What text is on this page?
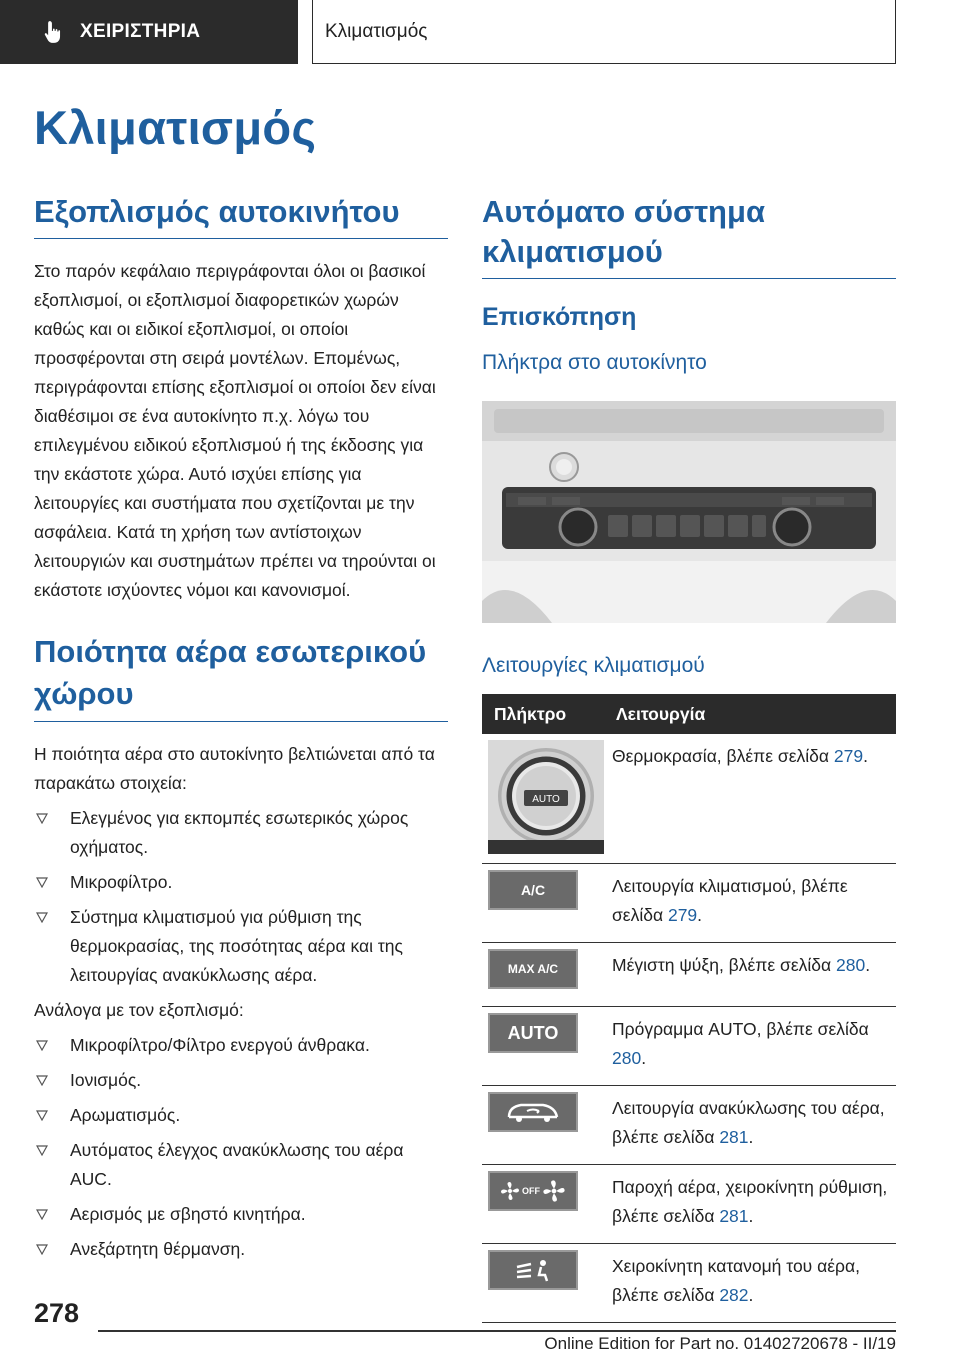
ΧΕΙΡΙΣΤΗΡΙΑ	Κλιματισμός
Κλιματισμός
Εξοπλισμός αυτοκινήτου

Στο παρόν κεφάλαιο περιγράφονται όλοι οι βασικοί εξοπλισμοί, οι εξοπλισμοί διαφορετικών χωρών καθώς και οι ειδικοί εξοπλισμοί, οι οποίοι προσφέρονται στη σειρά μοντέλων. Επομένως, περιγράφονται επίσης εξοπλισμοί οι οποίοι δεν είναι διαθέσιμοι σε ένα αυτοκίνητο π.χ. λόγω του επιλεγμένου ειδικού εξοπλισμού ή της έκδοσης για την εκάστοτε χώρα. Αυτό ισχύει επίσης για λειτουργίες και συστήματα που σχετίζονται με την ασφάλεια. Κατά τη χρήση των αντίστοιχων λειτουργιών και συστημάτων πρέπει να τηρούνται οι εκάστοτε ισχύοντες νόμοι και κανονισμοί.

Ποιότητα αέρα εσωτερικού χώρου

Η ποιότητα αέρα στο αυτοκίνητο βελτιώνεται από τα παρακάτω στοιχεία:

Ελεγμένος για εκπομπές εσωτερικός χώρος οχήματος.
Μικροφίλτρο.
Σύστημα κλιματισμού για ρύθμιση της θερμοκρασίας, της ποσότητας αέρα και της λειτουργίας ανακύκλωσης αέρα.

Ανάλογα με τον εξοπλισμό:

Μικροφίλτρο/Φίλτρο ενεργού άνθρακα.
Ιονισμός.
Αρωματισμός.
Αυτόματος έλεγχος ανακύκλωσης του αέρα AUC.
Αερισμός με σβηστό κινητήρα.
Ανεξάρτητη θέρμανση.
Αυτόματο σύστημα κλιματισμού
Επισκόπηση
Πλήκτρα στο αυτοκίνητο
Λειτουργίες κλιματισμού
Πλήκτρο	Λειτουργία

AUTO	Θερμοκρασία, βλέπε σελίδα 279.

A/C	Λειτουργία κλιματισμού, βλέπε σελίδα 279.

MAX A/C	Μέγιστη ψύξη, βλέπε σελίδα 280.

AUTO	Πρόγραμμα AUTO, βλέπε σελίδα 280.

	Λειτουργία ανακύκλωσης του αέρα, βλέπε σελίδα 281.

OFF	Παροχή αέρα, χειροκίνητη ρύθμιση, βλέπε σελίδα 281.

	Χειροκίνητη κατανομή του αέρα, βλέπε σελίδα 282.
278
Online Edition for Part no. 01402720678 - II/19
